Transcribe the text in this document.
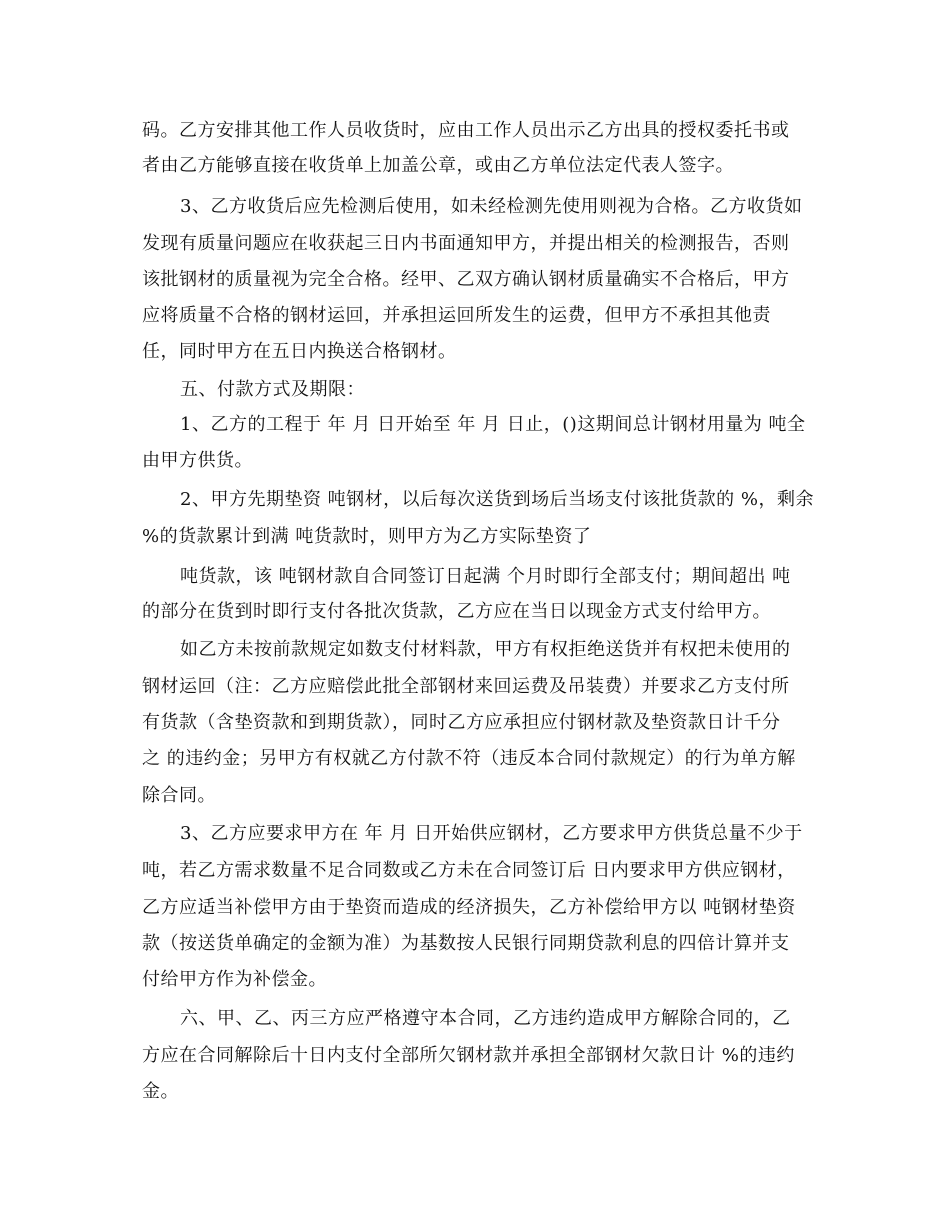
码。乙方安排其他工作人员收货时，应由工作人员出示乙方出具的授权委托书或
者由乙方能够直接在收货单上加盖公章，或由乙方单位法定代表人签字。
3、乙方收货后应先检测后使用，如未经检测先使用则视为合格。乙方收货如
发现有质量问题应在收获起三日内书面通知甲方，并提出相关的检测报告，否则
该批钢材的质量视为完全合格。经甲、乙双方确认钢材质量确实不合格后，甲方
应将质量不合格的钢材运回，并承担运回所发生的运费，但甲方不承担其他责
任，同时甲方在五日内换送合格钢材。
五、付款方式及期限：
1、乙方的工程于 年 月 日开始至 年 月 日止，()这期间总计钢材用量为 吨全
由甲方供货。
2、甲方先期垫资 吨钢材，以后每次送货到场后当场支付该批货款的 %，剩余
%的货款累计到满 吨货款时，则甲方为乙方实际垫资了
吨货款，该 吨钢材款自合同签订日起满 个月时即行全部支付；期间超出 吨
的部分在货到时即行支付各批次货款，乙方应在当日以现金方式支付给甲方。
如乙方未按前款规定如数支付材料款，甲方有权拒绝送货并有权把未使用的
钢材运回（注：乙方应赔偿此批全部钢材来回运费及吊装费）并要求乙方支付所
有货款（含垫资款和到期货款），同时乙方应承担应付钢材款及垫资款日计千分
之 的违约金；另甲方有权就乙方付款不符（违反本合同付款规定）的行为单方解
除合同。
3、乙方应要求甲方在 年 月 日开始供应钢材，乙方要求甲方供货总量不少于
吨，若乙方需求数量不足合同数或乙方未在合同签订后 日内要求甲方供应钢材，
乙方应适当补偿甲方由于垫资而造成的经济损失，乙方补偿给甲方以 吨钢材垫资
款（按送货单确定的金额为准）为基数按人民银行同期贷款利息的四倍计算并支
付给甲方作为补偿金。
六、甲、乙、丙三方应严格遵守本合同，乙方违约造成甲方解除合同的，乙
方应在合同解除后十日内支付全部所欠钢材款并承担全部钢材欠款日计 %的违约
金。
